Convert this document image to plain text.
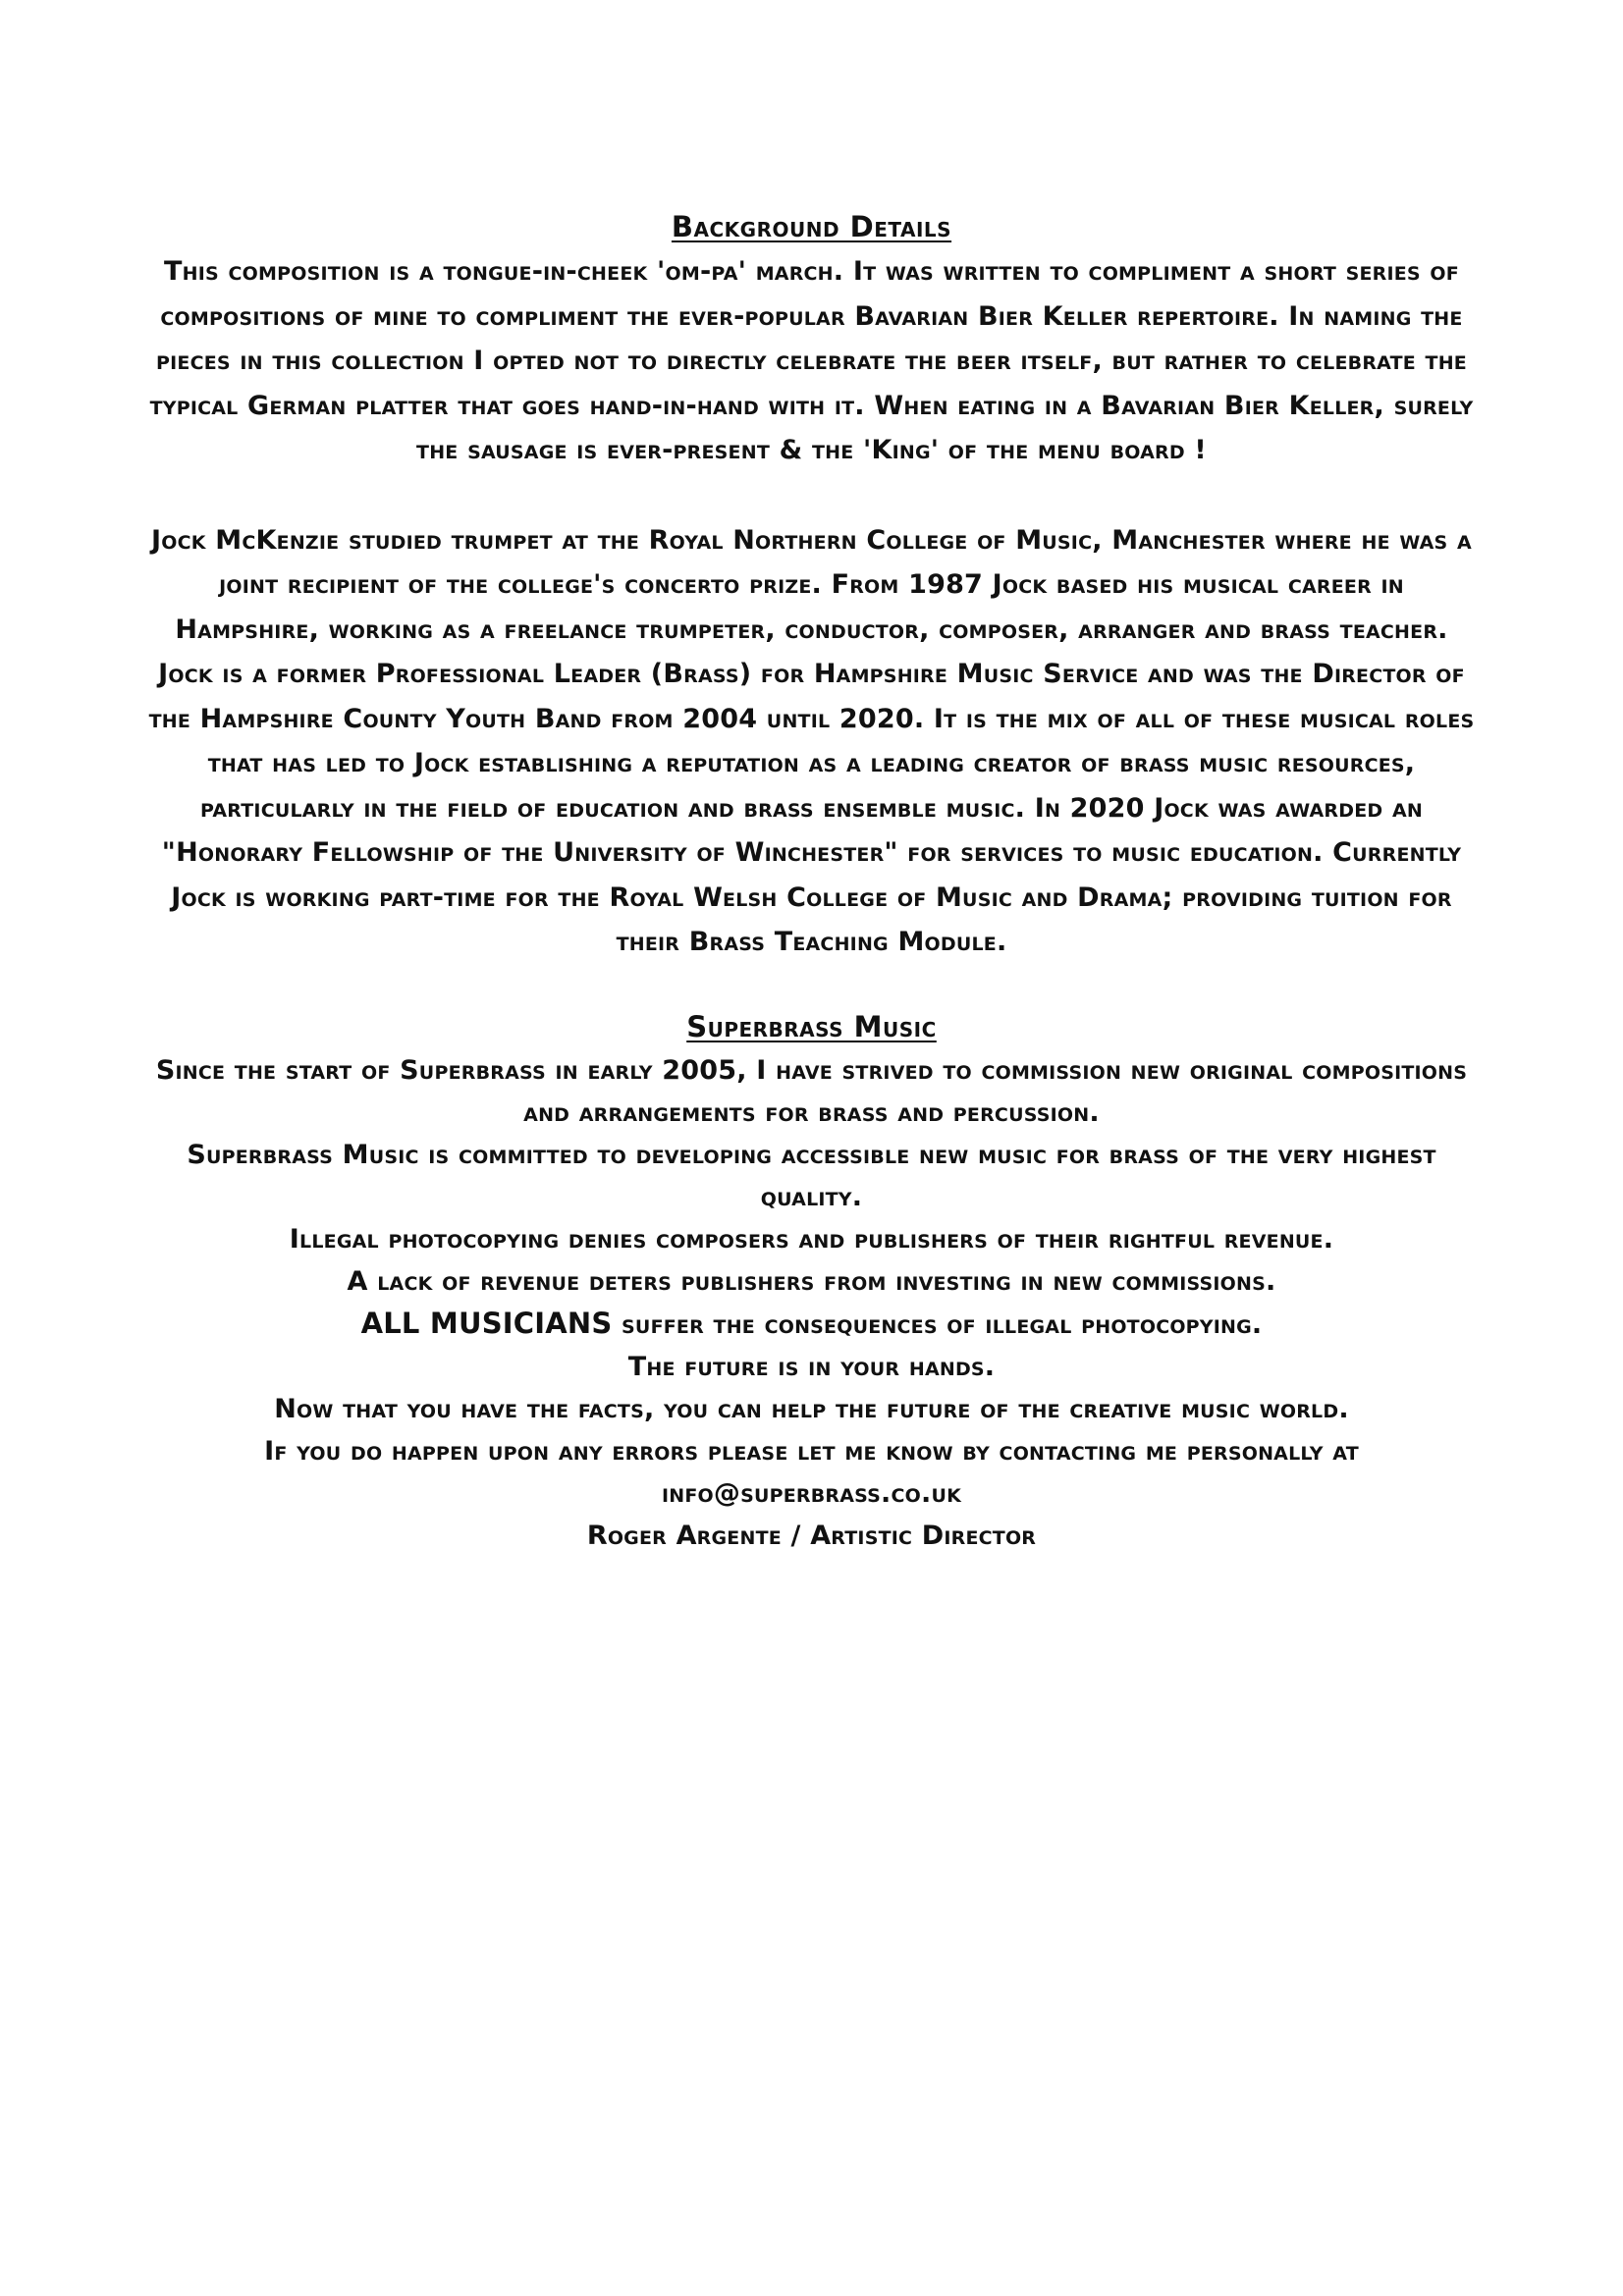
Background Details

This composition is a tongue-in-cheek 'om-pa' march. It was written to compliment a short series of compositions of mine to compliment the ever-popular Bavarian Bier Keller repertoire. In naming the pieces in this collection I opted not to directly celebrate the beer itself, but rather to celebrate the typical German platter that goes hand-in-hand with it. When eating in a Bavarian Bier Keller, surely the sausage is ever-present & the 'King' of the menu board !

Jock McKenzie studied trumpet at the Royal Northern College of Music, Manchester where he was a joint recipient of the college's concerto prize. From 1987 Jock based his musical career in Hampshire, working as a freelance trumpeter, conductor, composer, arranger and brass teacher. Jock is a former Professional Leader (Brass) for Hampshire Music Service and was the Director of the Hampshire County Youth Band from 2004 until 2020. It is the mix of all of these musical roles that has led to Jock establishing a reputation as a leading creator of brass music resources, particularly in the field of education and brass ensemble music. In 2020 Jock was awarded an "Honorary Fellowship of the University of Winchester" for services to music education. Currently Jock is working part-time for the Royal Welsh College of Music and Drama; providing tuition for their Brass Teaching Module.

Superbrass Music

Since the start of Superbrass in early 2005, I have strived to commission new original compositions and arrangements for brass and percussion.

Superbrass Music is committed to developing accessible new music for brass of the very highest quality.

Illegal photocopying denies composers and publishers of their rightful revenue.

A lack of revenue deters publishers from investing in new commissions.

ALL MUSICIANS suffer the consequences of illegal photocopying.

The future is in your hands.

Now that you have the facts, you can help the future of the creative music world.

If you do happen upon any errors please let me know by contacting me personally at

info@superbrass.co.uk

Roger Argente / Artistic Director
